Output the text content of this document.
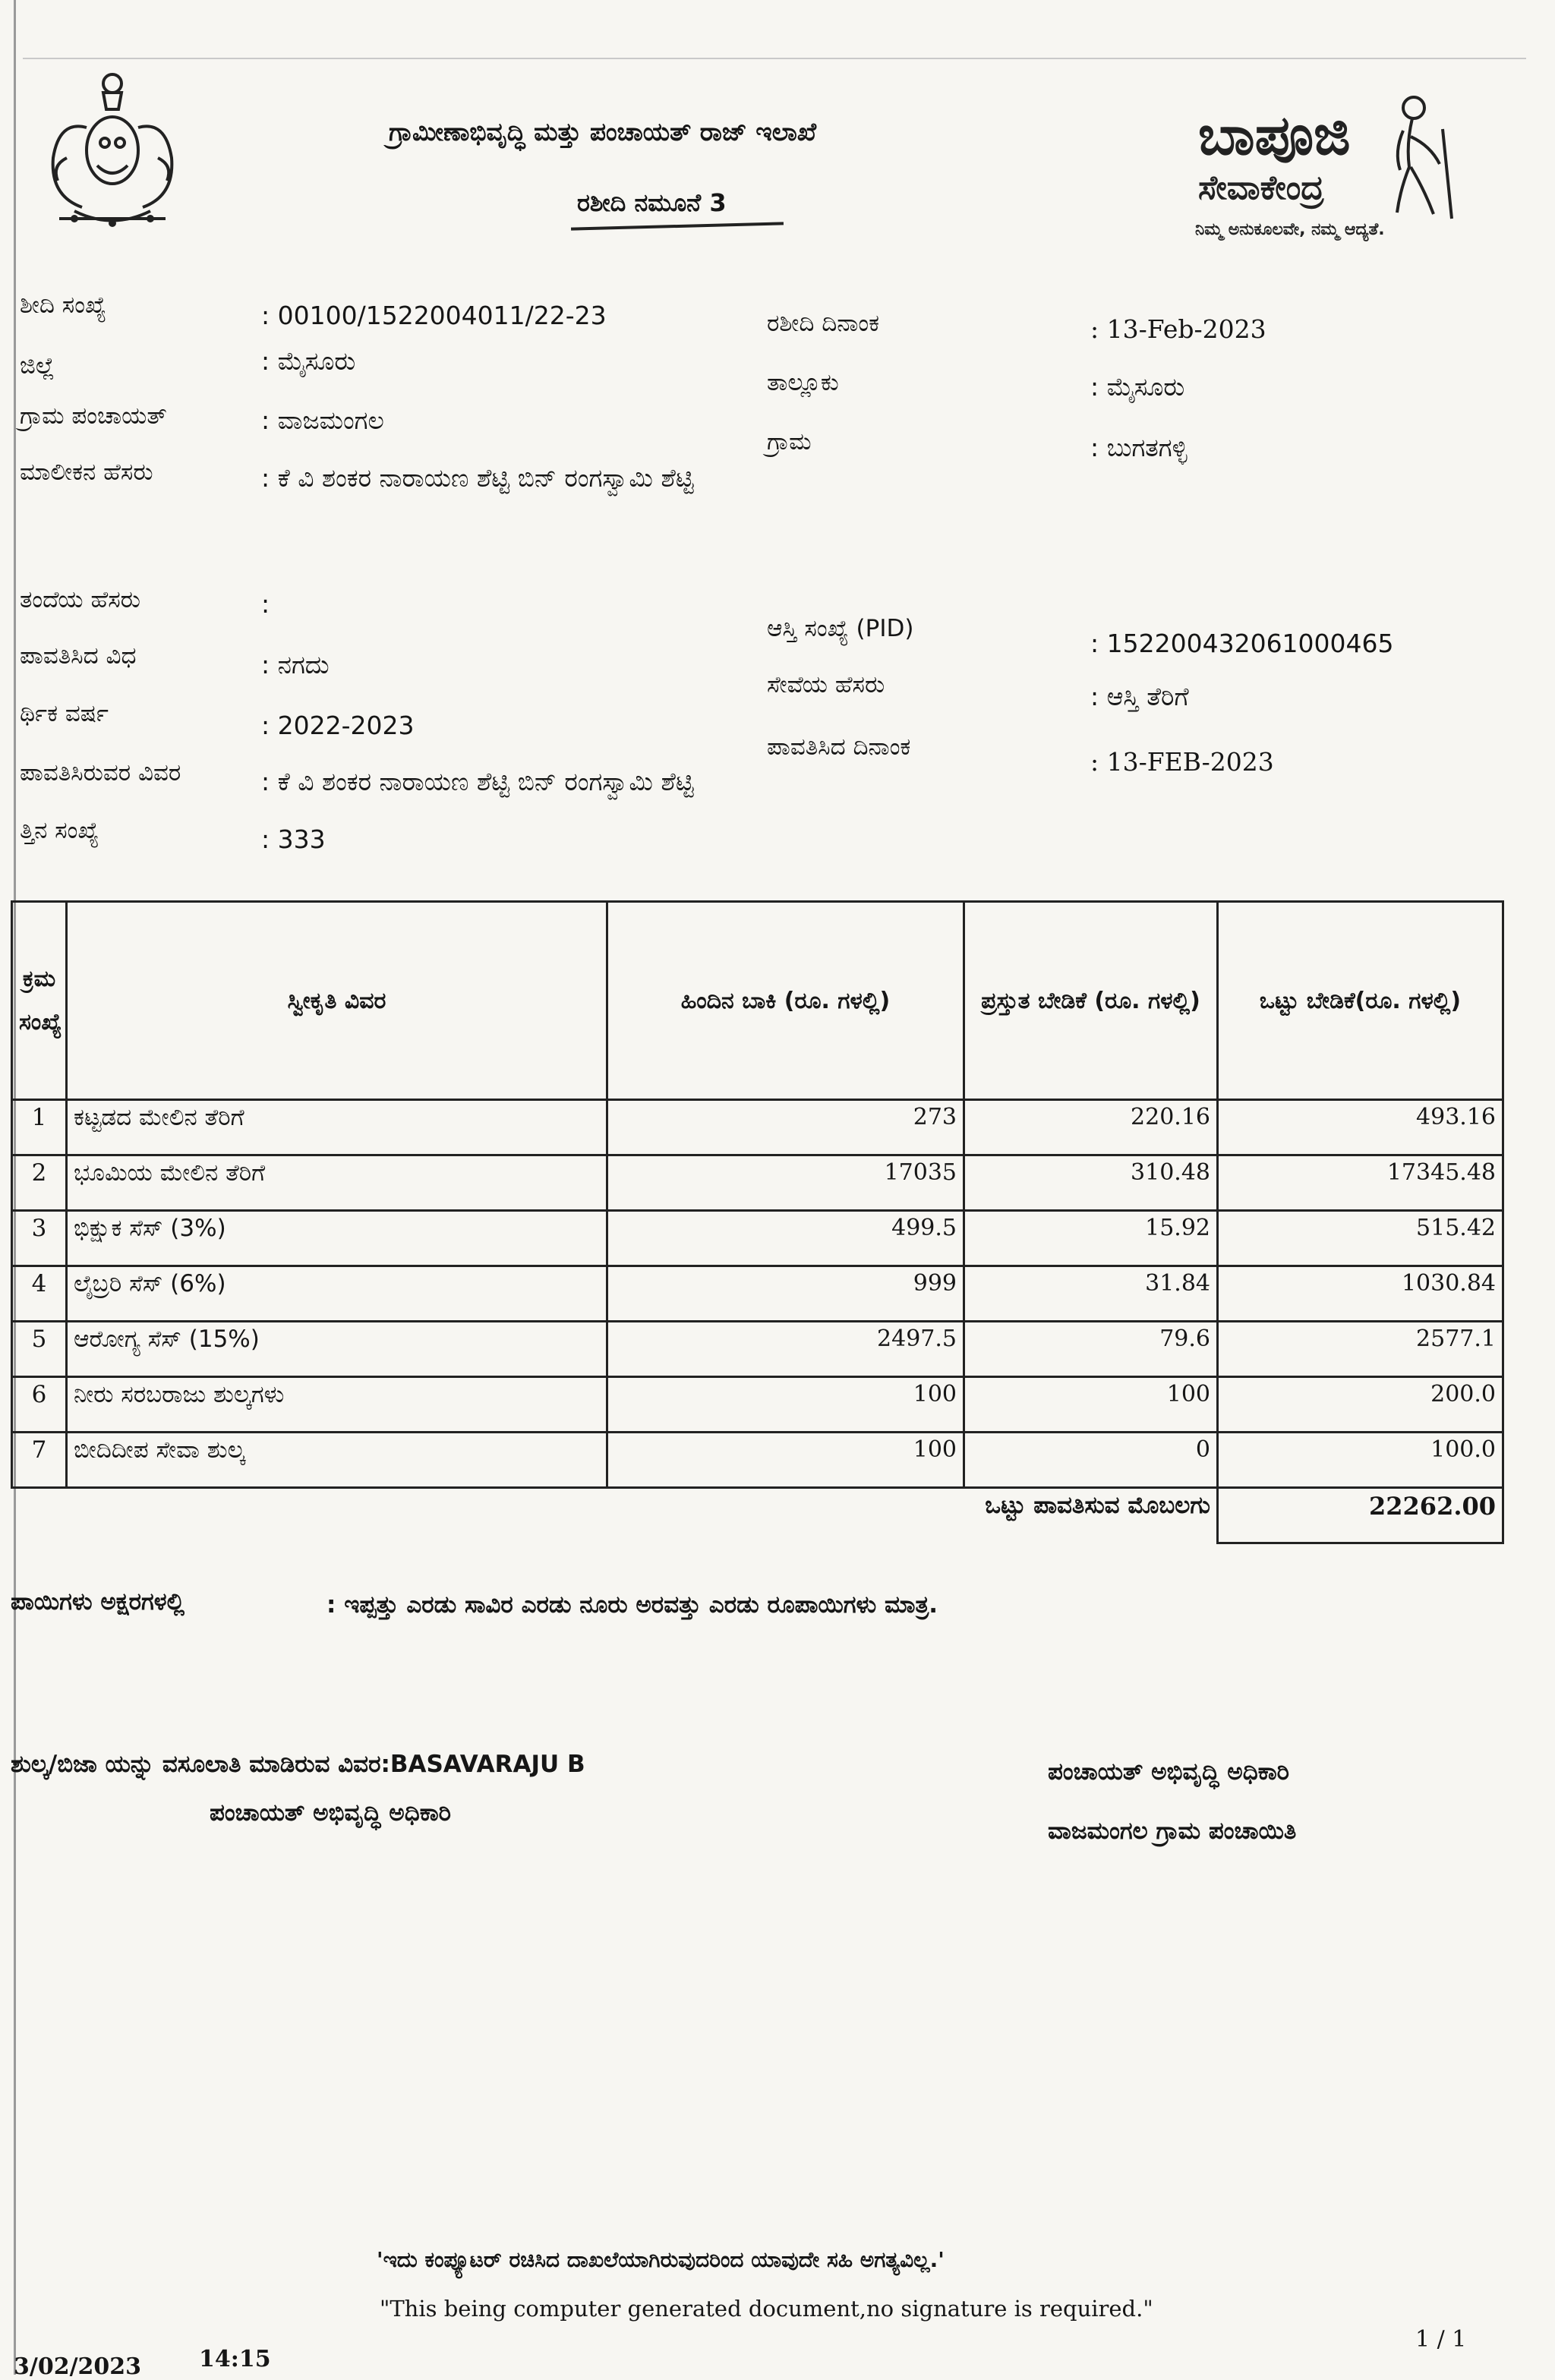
ಗ್ರಾಮೀಣಾಭಿವೃದ್ಧಿ ಮತ್ತು ಪಂಚಾಯತ್ ರಾಜ್ ಇಲಾಖೆ
ರಶೀದಿ ನಮೂನೆ 3
ಬಾಪೂಜಿ
ಸೇವಾಕೇಂದ್ರ
ನಿಮ್ಮ ಅನುಕೂಲವೇ, ನಮ್ಮ ಆದ್ಯತೆ.
ಶೀದಿ ಸಂಖ್ಯೆ	: 00100/1522004011/22-23
ಜಿಲ್ಲೆ	: ಮೈಸೂರು
ಗ್ರಾಮ ಪಂಚಾಯತ್	: ವಾಜಮಂಗಲ
ಮಾಲೀಕನ ಹೆಸರು	: ಕೆ ವಿ ಶಂಕರ ನಾರಾಯಣ ಶೆಟ್ಟಿ ಬಿನ್ ರಂಗಸ್ವಾಮಿ ಶೆಟ್ಟಿ
ತಂದೆಯ ಹೆಸರು	:
ಪಾವತಿಸಿದ ವಿಧ	: ನಗದು
ರ್ಥಿಕ ವರ್ಷ	: 2022-2023
ಪಾವತಿಸಿರುವರ ವಿವರ	: ಕೆ ವಿ ಶಂಕರ ನಾರಾಯಣ ಶೆಟ್ಟಿ ಬಿನ್ ರಂಗಸ್ವಾಮಿ ಶೆಟ್ಟಿ
ತ್ತಿನ ಸಂಖ್ಯೆ	: 333
ರಶೀದಿ ದಿನಾಂಕ	: 13-Feb-2023
ತಾಲ್ಲೂಕು	: ಮೈಸೂರು
ಗ್ರಾಮ	: ಬುಗತಗಳ್ಳಿ
ಆಸ್ತಿ ಸಂಖ್ಯೆ (PID)	: 152200432061000465
ಸೇವೆಯ ಹೆಸರು	: ಆಸ್ತಿ ತೆರಿಗೆ
ಪಾವತಿಸಿದ ದಿನಾಂಕ	: 13-FEB-2023
ಕ್ರಮ ಸಂಖ್ಯೆ	ಸ್ವೀಕೃತಿ ವಿವರ	ಹಿಂದಿನ ಬಾಕಿ (ರೂ. ಗಳಲ್ಲಿ)	ಪ್ರಸ್ತುತ ಬೇಡಿಕೆ (ರೂ. ಗಳಲ್ಲಿ)	ಒಟ್ಟು ಬೇಡಿಕೆ(ರೂ. ಗಳಲ್ಲಿ)
1	ಕಟ್ಟಡದ ಮೇಲಿನ ತೆರಿಗೆ	273	220.16	493.16
2	ಭೂಮಿಯ ಮೇಲಿನ ತೆರಿಗೆ	17035	310.48	17345.48
3	ಭಿಕ್ಷುಕ ಸೆಸ್ (3%)	499.5	15.92	515.42
4	ಲೈಬ್ರರಿ ಸೆಸ್ (6%)	999	31.84	1030.84
5	ಆರೋಗ್ಯ ಸೆಸ್ (15%)	2497.5	79.6	2577.1
6	ನೀರು ಸರಬರಾಜು ಶುಲ್ಕಗಳು	100	100	200.0
7	ಬೀದಿದೀಪ ಸೇವಾ ಶುಲ್ಕ	100	0	100.0
ಒಟ್ಟು ಪಾವತಿಸುವ ಮೊಬಲಗು				22262.00
ಪಾಯಿಗಳು ಅಕ್ಷರಗಳಲ್ಲಿ	: ಇಪ್ಪತ್ತು ಎರಡು ಸಾವಿರ ಎರಡು ನೂರು ಅರವತ್ತು ಎರಡು ರೂಪಾಯಿಗಳು ಮಾತ್ರ.
ಶುಲ್ಕ/ಬಿಜಾ ಯನ್ನು ವಸೂಲಾತಿ ಮಾಡಿರುವ ವಿವರ:BASAVARAJU B
ಪಂಚಾಯತ್ ಅಭಿವೃದ್ಧಿ ಅಧಿಕಾರಿ
ಪಂಚಾಯತ್ ಅಭಿವೃದ್ಧಿ ಅಧಿಕಾರಿ
ವಾಜಮಂಗಲ ಗ್ರಾಮ ಪಂಚಾಯಿತಿ
'ಇದು ಕಂಪ್ಯೂಟರ್ ರಚಿಸಿದ ದಾಖಲೆಯಾಗಿರುವುದರಿಂದ ಯಾವುದೇ ಸಹಿ ಅಗತ್ಯವಿಲ್ಲ.'
"This being computer generated document,no signature is required."
3/02/2023	14:15
1 / 1
